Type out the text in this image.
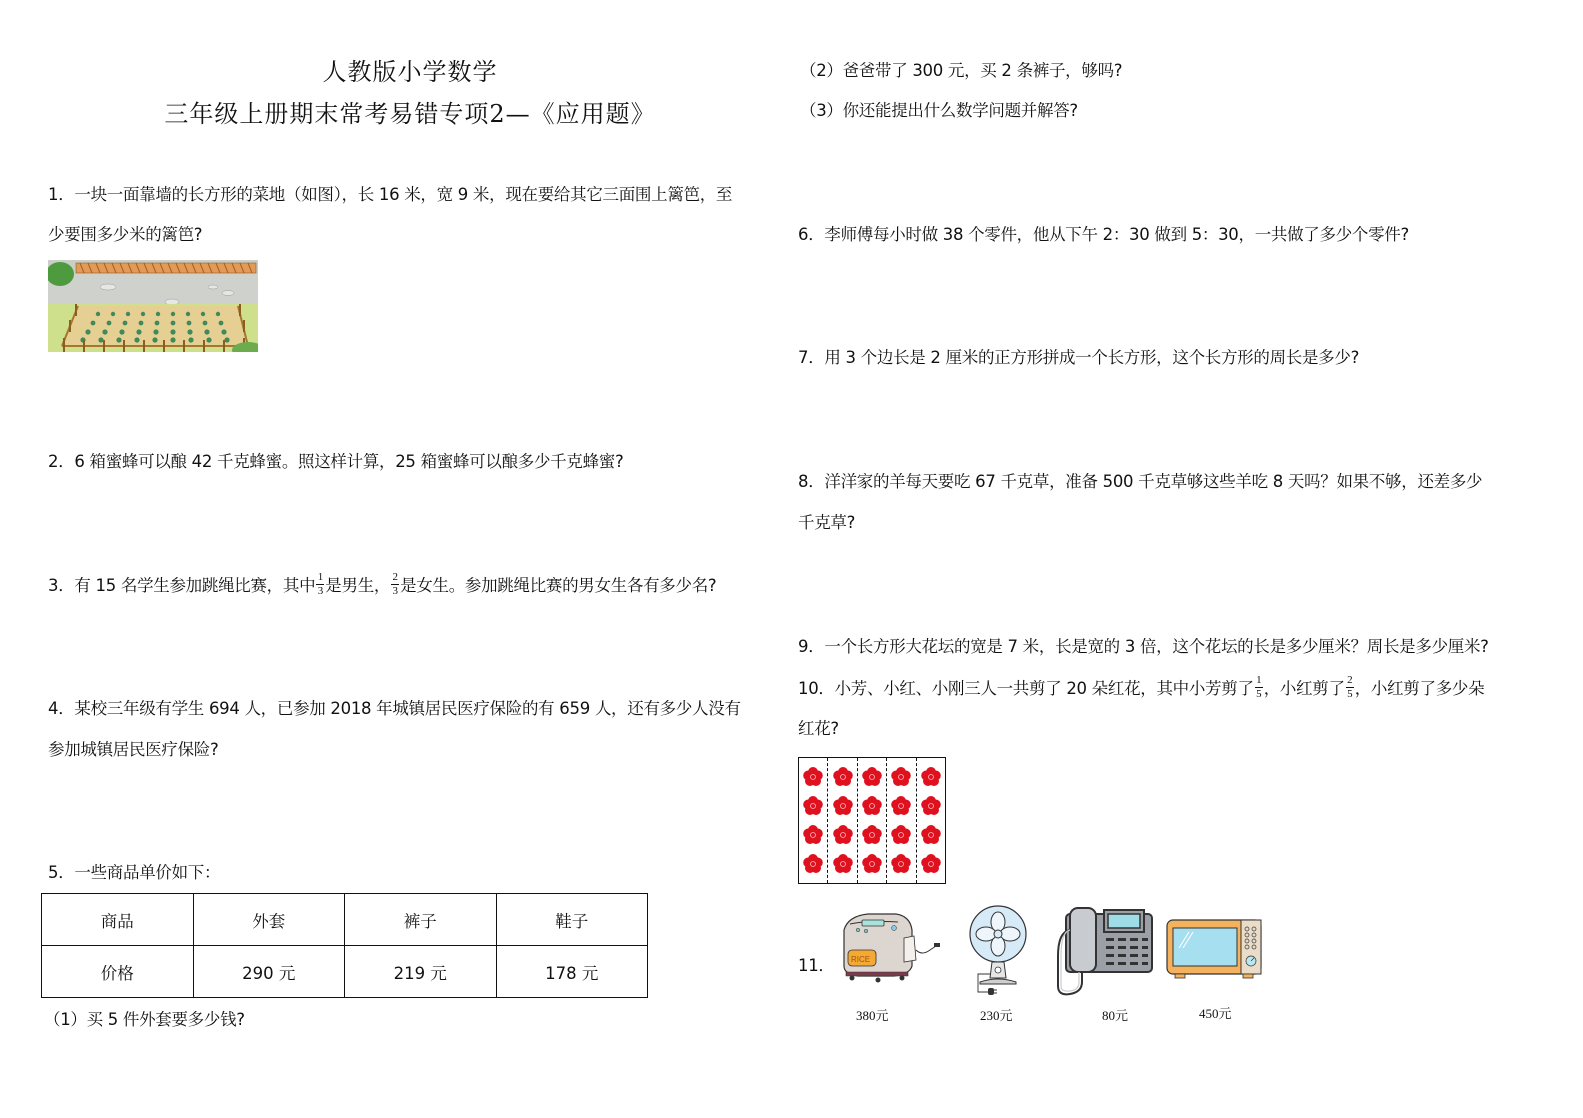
人教版小学数学
三年级上册期末常考易错专项2—《应用题》
1．一块一面靠墙的长方形的菜地（如图），长 16 米，宽 9 米，现在要给其它三面围上篱笆，至
少要围多少米的篱笆?
2．6 箱蜜蜂可以酿 42 千克蜂蜜。照这样计算，25 箱蜜蜂可以酿多少千克蜂蜜?
3．有 15 名学生参加跳绳比赛，其中 $\frac{1}{3}$ 是男生， $\frac{2}{3}$ 是女生。参加跳绳比赛的男女生各有多少名?
4．某校三年级有学生 694 人，已参加 2018 年城镇居民医疗保险的有 659 人，还有多少人没有
参加城镇居民医疗保险?
5．一些商品单价如下：
商品	外套	裤子	鞋子
价格	290 元	219 元	178 元
（1）买 5 件外套要多少钱?
（2）爸爸带了 300 元，买 2 条裤子，够吗?
（3）你还能提出什么数学问题并解答?
6．李师傅每小时做 38 个零件，他从下午 2：30 做到 5：30，一共做了多少个零件?
7．用 3 个边长是 2 厘米的正方形拼成一个长方形，这个长方形的周长是多少?
8．洋洋家的羊每天要吃 67 千克草，准备 500 千克草够这些羊吃 8 天吗？如果不够，还差多少
千克草?
9．一个长方形大花坛的宽是 7 米，长是宽的 3 倍，这个花坛的长是多少厘米？周长是多少厘米?
10．小芳、小红、小刚三人一共剪了 20 朵红花，其中小芳剪了 $\frac{1}{5}$ ，小红剪了 $\frac{2}{5}$ ，小红剪了多少朵
红花?
11． RICE
380元	230元	80元	450元
